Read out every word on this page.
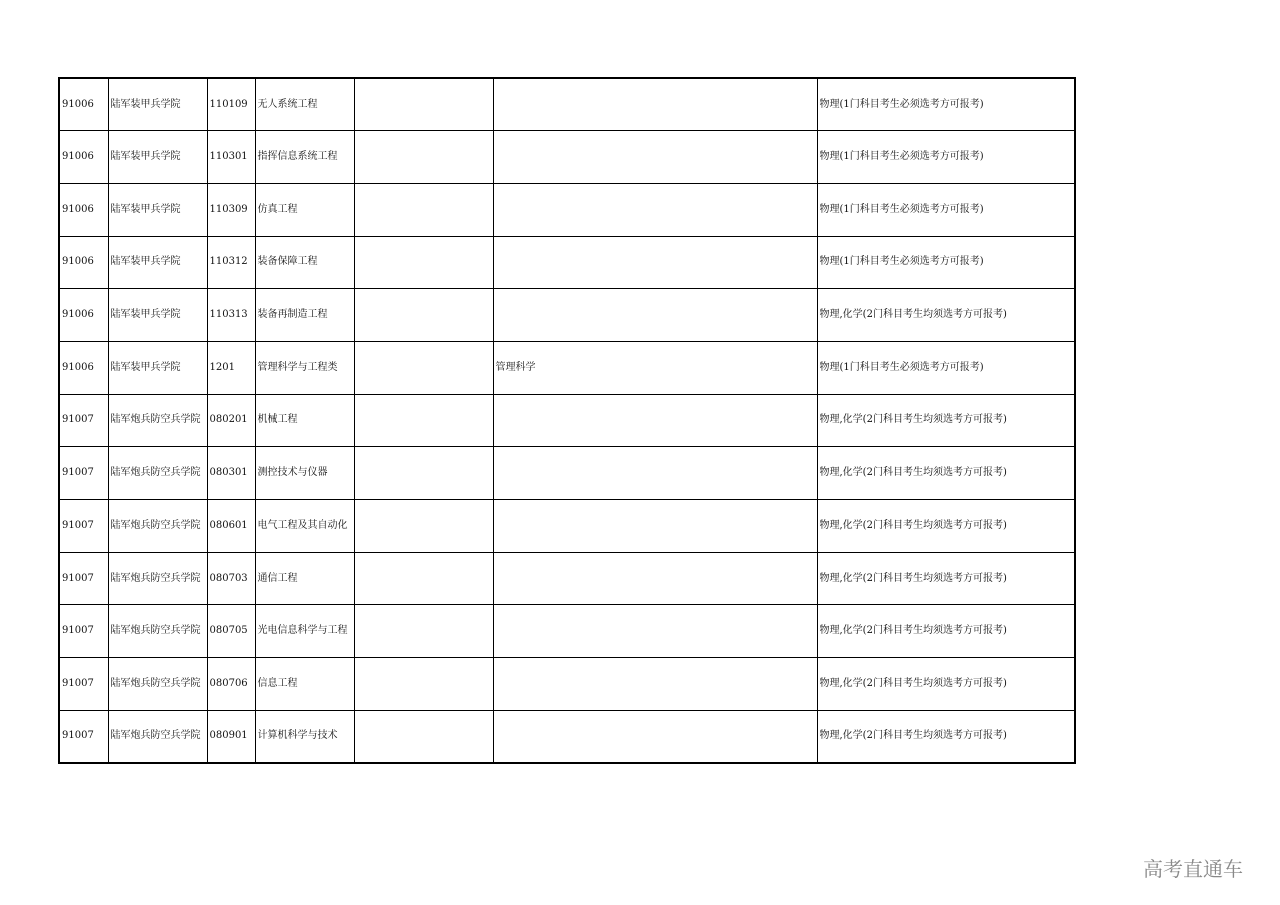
91006	陆军装甲兵学院	110109	无人系统工程			物理(1门科目考生必须选考方可报考)
91006	陆军装甲兵学院	110301	指挥信息系统工程			物理(1门科目考生必须选考方可报考)
91006	陆军装甲兵学院	110309	仿真工程			物理(1门科目考生必须选考方可报考)
91006	陆军装甲兵学院	110312	装备保障工程			物理(1门科目考生必须选考方可报考)
91006	陆军装甲兵学院	110313	装备再制造工程			物理,化学(2门科目考生均须选考方可报考)
91006	陆军装甲兵学院	1201	管理科学与工程类		管理科学	物理(1门科目考生必须选考方可报考)
91007	陆军炮兵防空兵学院	080201	机械工程			物理,化学(2门科目考生均须选考方可报考)
91007	陆军炮兵防空兵学院	080301	测控技术与仪器			物理,化学(2门科目考生均须选考方可报考)
91007	陆军炮兵防空兵学院	080601	电气工程及其自动化			物理,化学(2门科目考生均须选考方可报考)
91007	陆军炮兵防空兵学院	080703	通信工程			物理,化学(2门科目考生均须选考方可报考)
91007	陆军炮兵防空兵学院	080705	光电信息科学与工程			物理,化学(2门科目考生均须选考方可报考)
91007	陆军炮兵防空兵学院	080706	信息工程			物理,化学(2门科目考生均须选考方可报考)
91007	陆军炮兵防空兵学院	080901	计算机科学与技术			物理,化学(2门科目考生均须选考方可报考)
高考直通车
